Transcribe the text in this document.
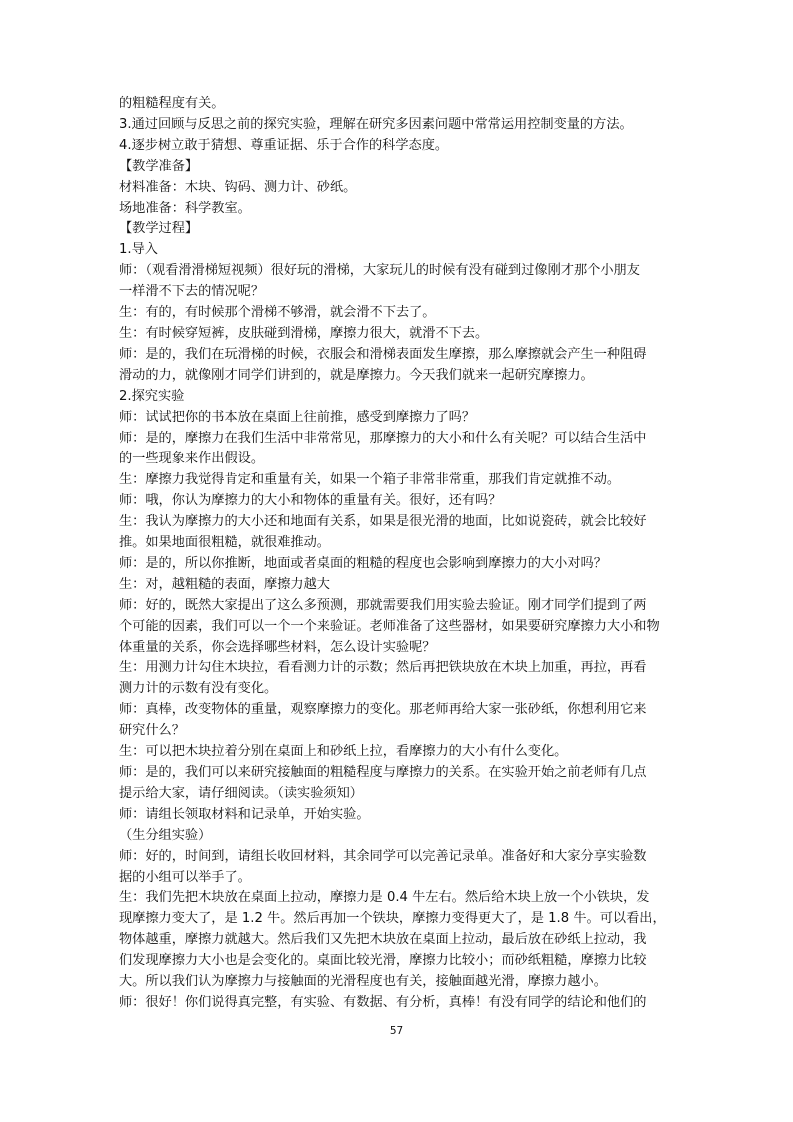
的粗糙程度有关。

3.通过回顾与反思之前的探究实验，理解在研究多因素问题中常常运用控制变量的方法。

4.逐步树立敢于猜想、尊重证据、乐于合作的科学态度。

【教学准备】

材料准备：木块、钩码、测力计、砂纸。

场地准备：科学教室。

【教学过程】

1.导入

师：（观看滑滑梯短视频）很好玩的滑梯，大家玩儿的时候有没有碰到过像刚才那个小朋友

一样滑不下去的情况呢？

生：有的，有时候那个滑梯不够滑，就会滑不下去了。

生：有时候穿短裤，皮肤碰到滑梯，摩擦力很大，就滑不下去。

师：是的，我们在玩滑梯的时候，衣服会和滑梯表面发生摩擦，那么摩擦就会产生一种阻碍

滑动的力，就像刚才同学们讲到的，就是摩擦力。今天我们就来一起研究摩擦力。

2.探究实验

师：试试把你的书本放在桌面上往前推，感受到摩擦力了吗？

师：是的，摩擦力在我们生活中非常常见，那摩擦力的大小和什么有关呢？可以结合生活中

的一些现象来作出假设。

生：摩擦力我觉得肯定和重量有关，如果一个箱子非常非常重，那我们肯定就推不动。

师：哦，你认为摩擦力的大小和物体的重量有关。很好，还有吗？

生：我认为摩擦力的大小还和地面有关系，如果是很光滑的地面，比如说瓷砖，就会比较好

推。如果地面很粗糙，就很难推动。

师：是的，所以你推断，地面或者桌面的粗糙的程度也会影响到摩擦力的大小对吗？

生：对，越粗糙的表面，摩擦力越大

师：好的，既然大家提出了这么多预测，那就需要我们用实验去验证。刚才同学们提到了两

个可能的因素，我们可以一个一个来验证。老师准备了这些器材，如果要研究摩擦力大小和物

体重量的关系，你会选择哪些材料，怎么设计实验呢？

生：用测力计勾住木块拉，看看测力计的示数；然后再把铁块放在木块上加重，再拉，再看

测力计的示数有没有变化。

师：真棒，改变物体的重量，观察摩擦力的变化。那老师再给大家一张砂纸，你想利用它来

研究什么？

生：可以把木块拉着分别在桌面上和砂纸上拉，看摩擦力的大小有什么变化。

师：是的，我们可以来研究接触面的粗糙程度与摩擦力的关系。在实验开始之前老师有几点

提示给大家，请仔细阅读。（读实验须知）

师：请组长领取材料和记录单，开始实验。

（生分组实验）

师：好的，时间到，请组长收回材料，其余同学可以完善记录单。准备好和大家分享实验数

据的小组可以举手了。

生：我们先把木块放在桌面上拉动，摩擦力是 0.4 牛左右。然后给木块上放一个小铁块，发

现摩擦力变大了，是 1.2 牛。然后再加一个铁块，摩擦力变得更大了，是 1.8 牛。可以看出，

物体越重，摩擦力就越大。然后我们又先把木块放在桌面上拉动，最后放在砂纸上拉动，我

们发现摩擦力大小也是会变化的。桌面比较光滑，摩擦力比较小；而砂纸粗糙，摩擦力比较

大。所以我们认为摩擦力与接触面的光滑程度也有关，接触面越光滑，摩擦力越小。

师：很好！你们说得真完整，有实验、有数据、有分析，真棒！有没有同学的结论和他们的

57
